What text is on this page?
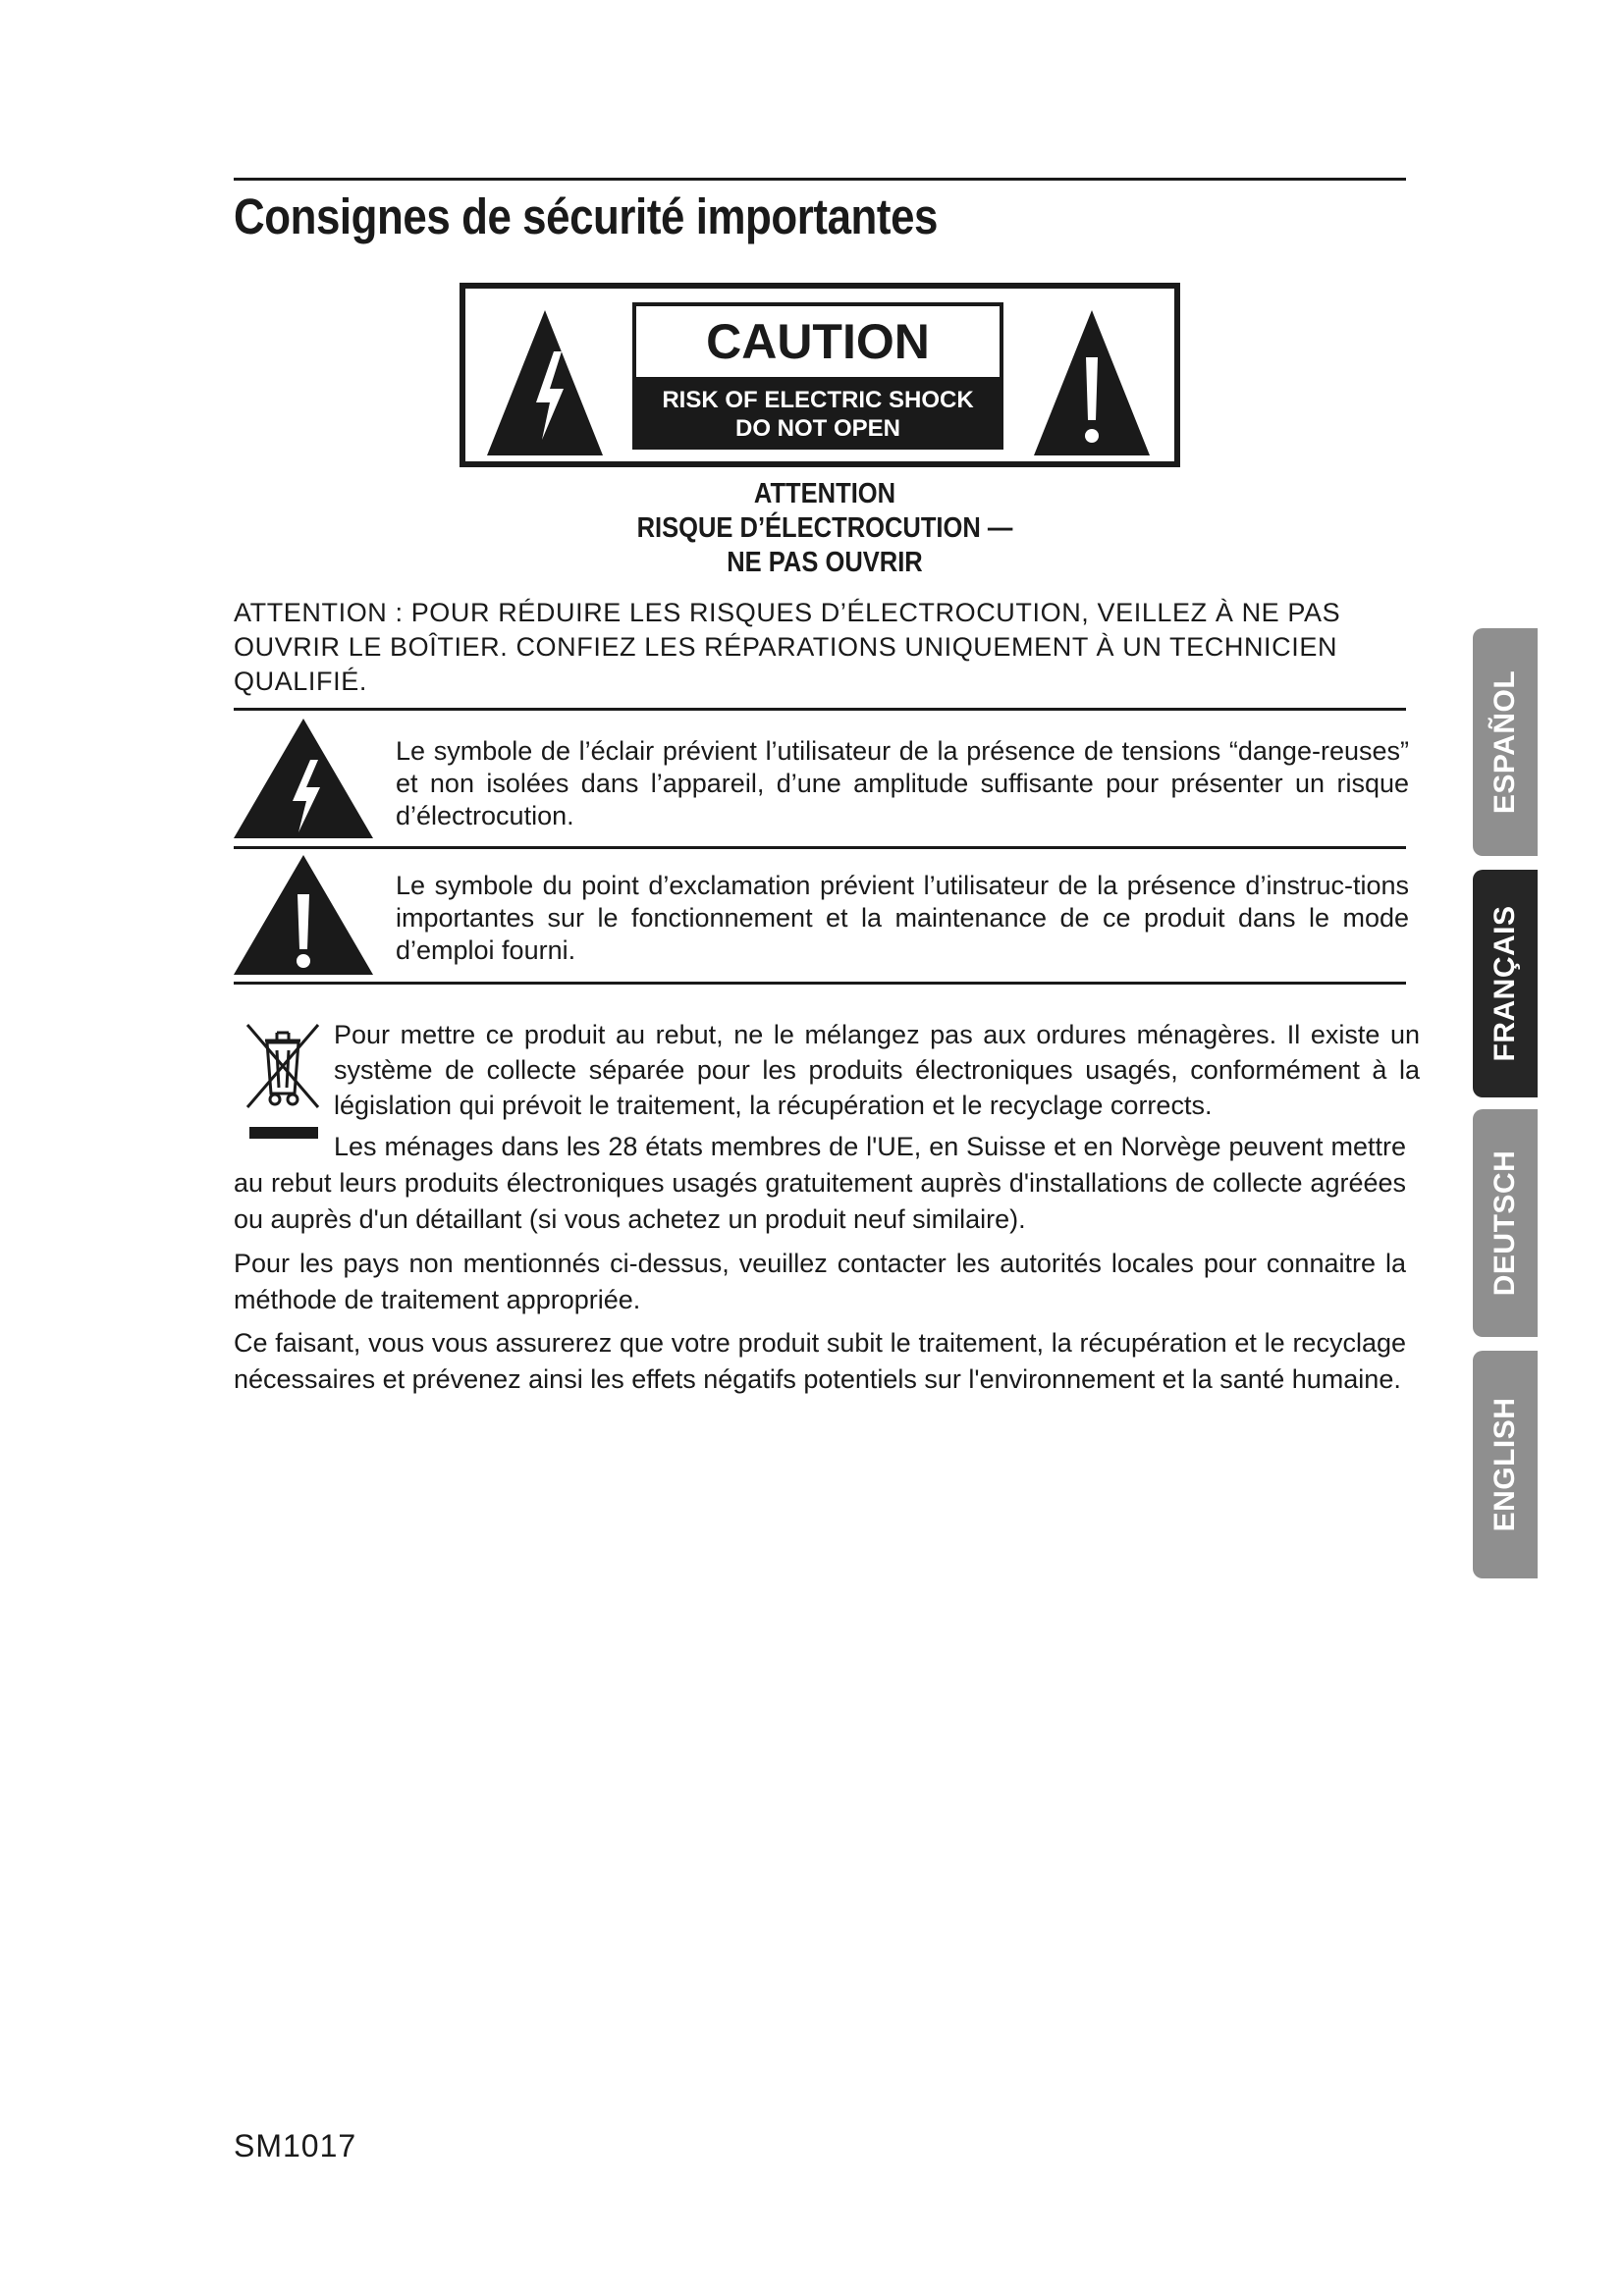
Consignes de sécurité importantes
CAUTION
RISK OF ELECTRIC SHOCK
DO NOT OPEN
ATTENTION
RISQUE D’ÉLECTROCUTION —
NE PAS OUVRIR
ATTENTION : POUR RÉDUIRE LES RISQUES D’ÉLECTROCUTION, VEILLEZ À NE PAS OUVRIR LE BOÎTIER. CONFIEZ LES RÉPARATIONS UNIQUEMENT À UN TECHNICIEN QUALIFIÉ.
Le symbole de l’éclair prévient l’utilisateur de la présence de tensions “dange-reuses” et non isolées dans l’appareil, d’une amplitude suffisante pour présenter un risque d’électrocution.
Le symbole du point d’exclamation prévient l’utilisateur de la présence d’instruc-tions importantes sur le fonctionnement et la maintenance de ce produit dans le mode d’emploi fourni.
Pour mettre ce produit au rebut, ne le mélangez pas aux ordures ménagères. Il existe un système de collecte séparée pour les produits électroniques usagés, conformément à la législation qui prévoit le traitement, la récupération et le recyclage corrects.
Les ménages dans les 28 états membres de l'UE, en Suisse et en Norvège peuvent mettre au rebut leurs produits électroniques usagés gratuitement auprès d'installations de collecte agréées ou auprès d'un détaillant (si vous achetez un produit neuf similaire).
Pour les pays non mentionnés ci-dessus, veuillez contacter les autorités locales pour connaitre la méthode de traitement appropriée.
Ce faisant, vous vous assurerez que votre produit subit le traitement, la récupération et le recyclage nécessaires et prévenez ainsi les effets négatifs potentiels sur l'environnement et la santé humaine.
SM1017
ESPAÑOL
FRANÇAIS
DEUTSCH
ENGLISH
